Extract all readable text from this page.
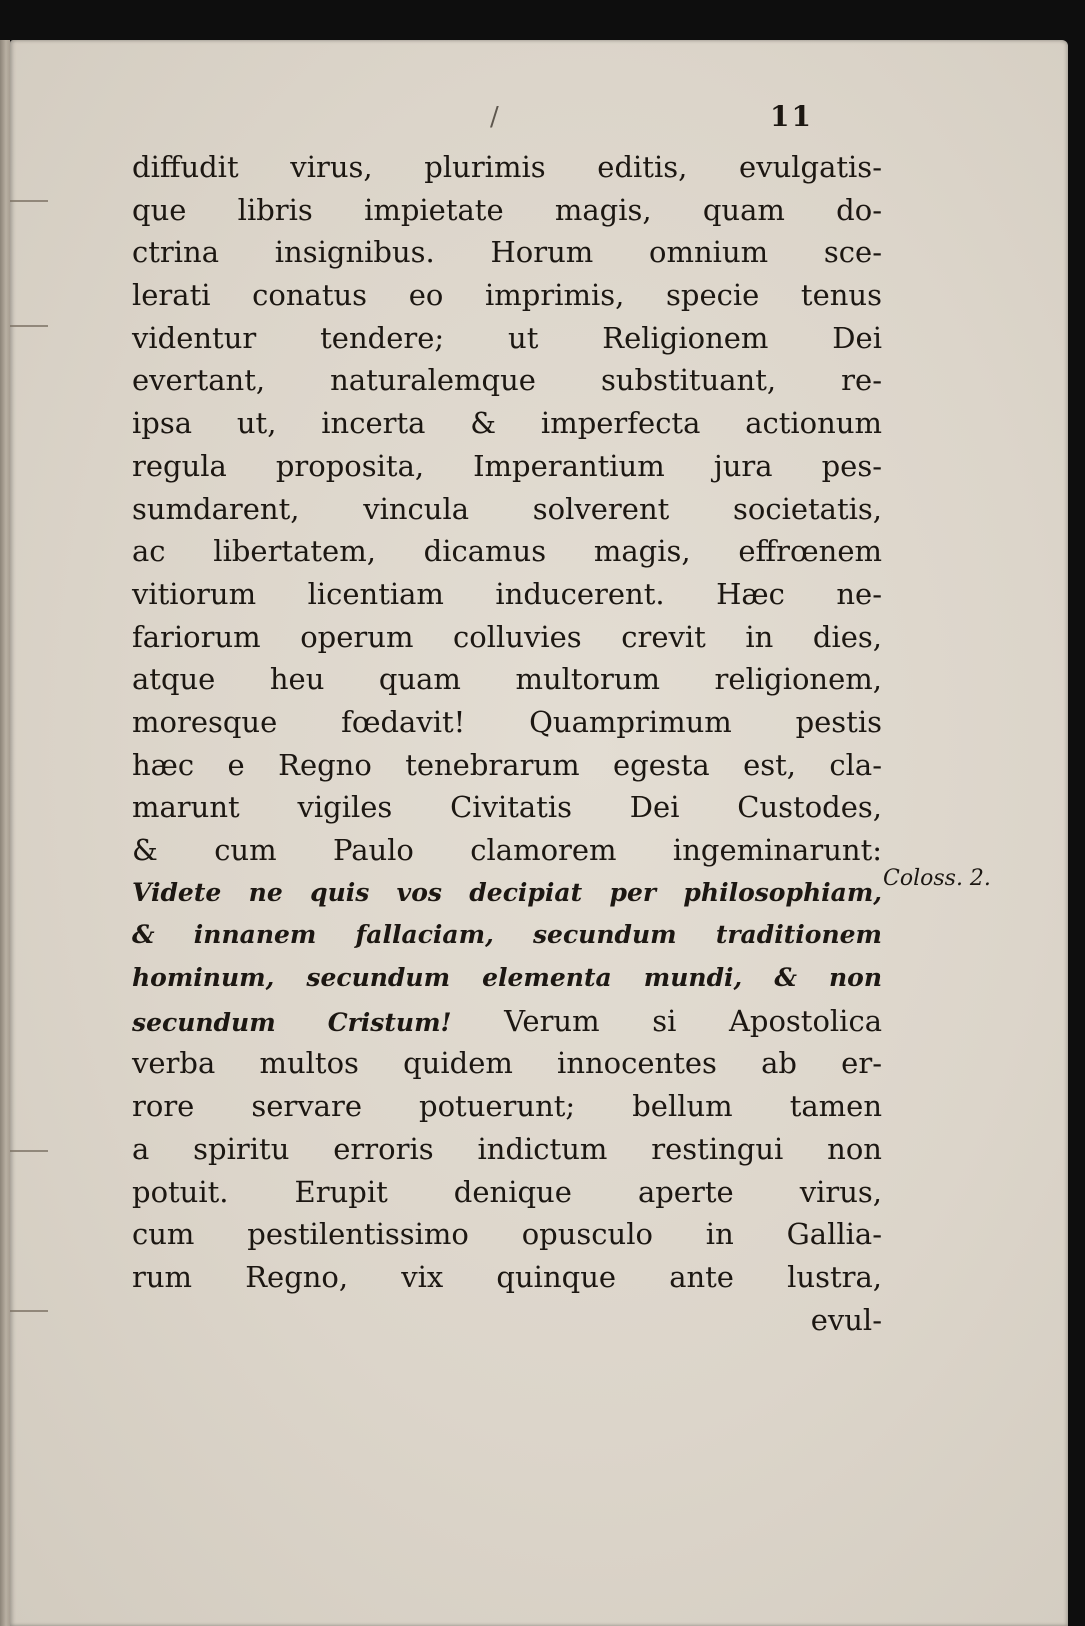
/	11
diffudit virus, plurimis editis, evulgatis-
que libris impietate magis, quam do-
ctrina insignibus. Horum omnium sce-
lerati conatus eo imprimis, specie tenus
videntur tendere; ut Religionem Dei
evertant, naturalemque substituant, re-
ipsa ut, incerta & imperfecta actionum
regula proposita, Imperantium jura pes-
sumdarent, vincula solverent societatis,
ac libertatem, dicamus magis, effrœnem
vitiorum licentiam inducerent. Hæc ne-
fariorum operum colluvies crevit in dies,
atque heu quam multorum religionem,
moresque fœdavit! Quamprimum pestis
hæc e Regno tenebrarum egesta est, cla-
marunt vigiles Civitatis Dei Custodes,
& cum Paulo clamorem ingeminarunt:
Videte ne quis vos decipiat per philosophiam,
& innanem fallaciam, secundum traditionem
hominum, secundum elementa mundi, & non
secundum Cristum! Verum si Apostolica
verba multos quidem innocentes ab er-
rore servare potuerunt; bellum tamen
a spiritu erroris indictum restingui non
potuit. Erupit denique aperte virus,
cum pestilentissimo opusculo in Gallia-
rum Regno, vix quinque ante lustra,
evul-
Coloss. 2.
